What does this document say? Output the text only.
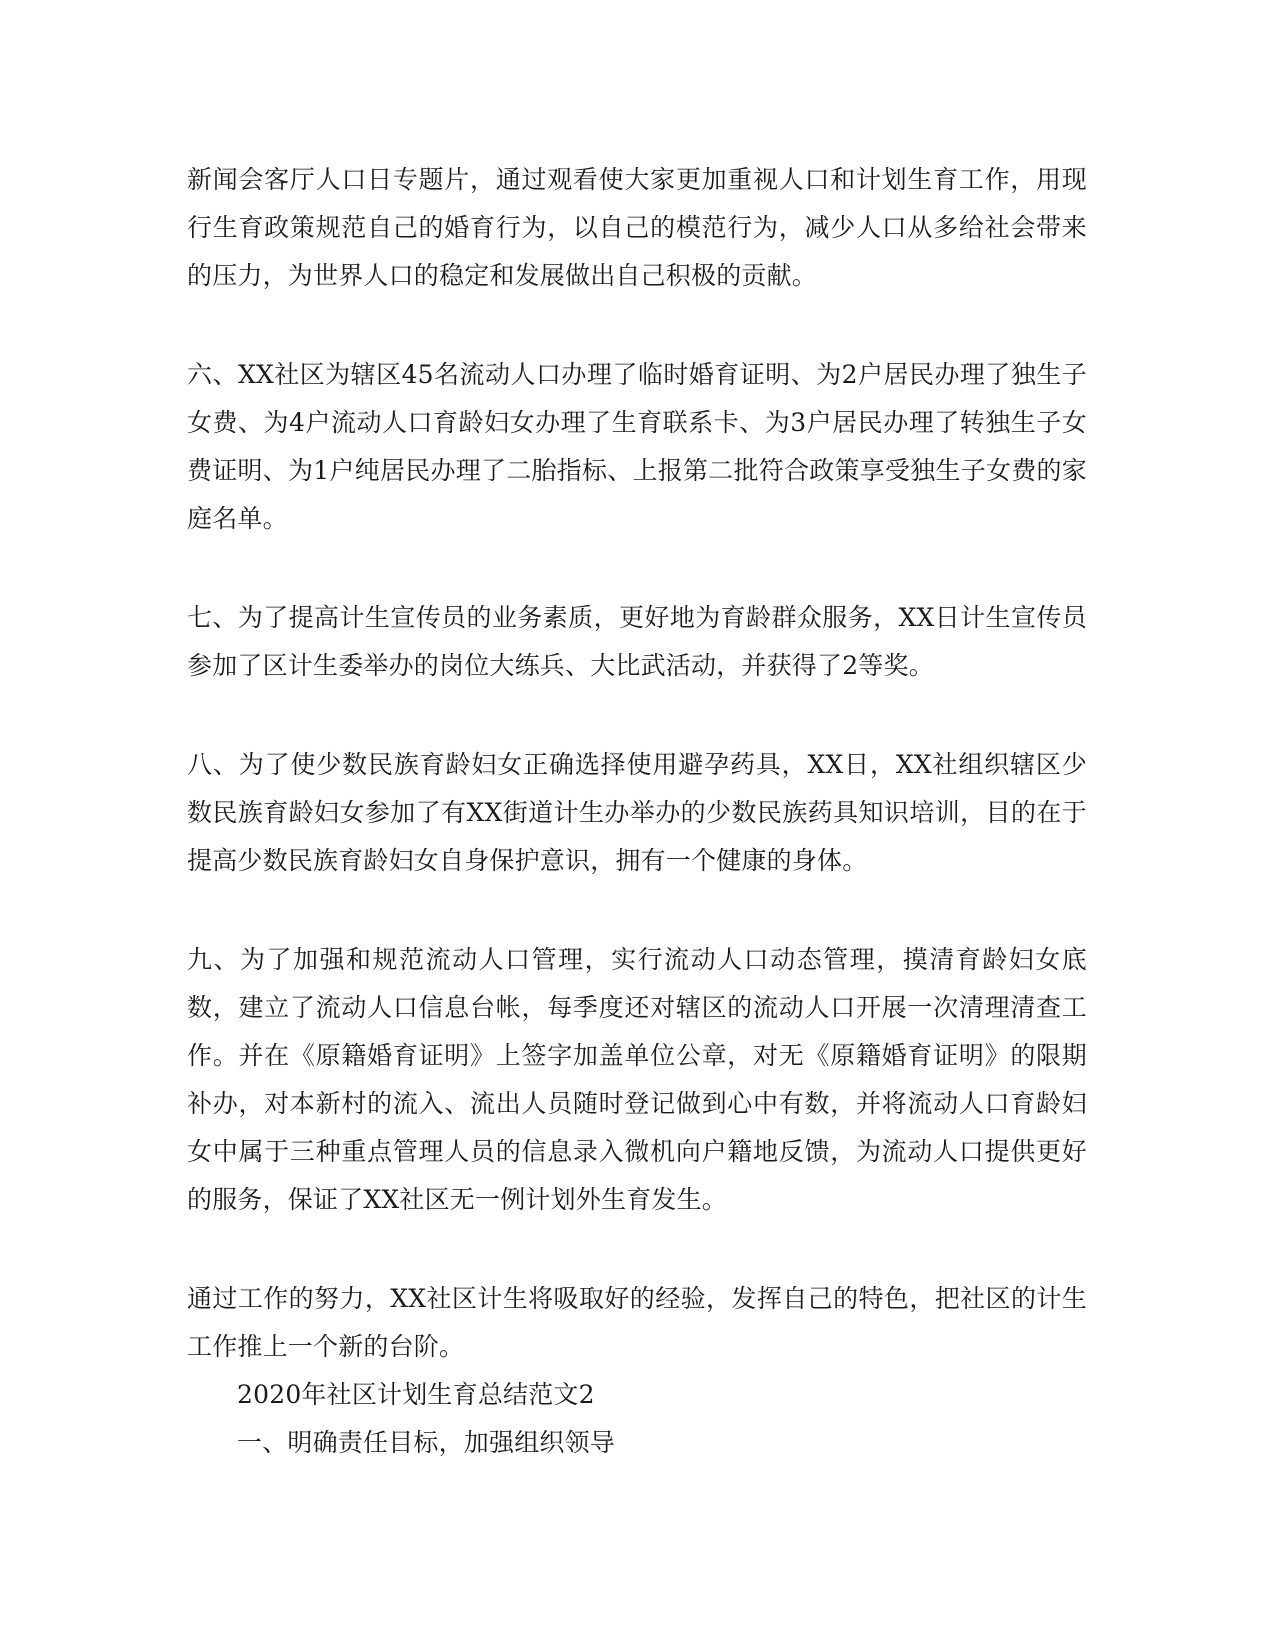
新闻会客厅人口日专题片，通过观看使大家更加重视人口和计划生育工作，用现行生育政策规范自己的婚育行为，以自己的模范行为，减少人口从多给社会带来的压力，为世界人口的稳定和发展做出自己积极的贡献。

六、XX社区为辖区45名流动人口办理了临时婚育证明、为2户居民办理了独生子女费、为4户流动人口育龄妇女办理了生育联系卡、为3户居民办理了转独生子女费证明、为1户纯居民办理了二胎指标、上报第二批符合政策享受独生子女费的家庭名单。

七、为了提高计生宣传员的业务素质，更好地为育龄群众服务，XX日计生宣传员参加了区计生委举办的岗位大练兵、大比武活动，并获得了2等奖。

八、为了使少数民族育龄妇女正确选择使用避孕药具，XX日，XX社组织辖区少数民族育龄妇女参加了有XX街道计生办举办的少数民族药具知识培训，目的在于提高少数民族育龄妇女自身保护意识，拥有一个健康的身体。

九、为了加强和规范流动人口管理，实行流动人口动态管理，摸清育龄妇女底数，建立了流动人口信息台帐，每季度还对辖区的流动人口开展一次清理清查工作。并在《原籍婚育证明》上签字加盖单位公章，对无《原籍婚育证明》的限期补办，对本新村的流入、流出人员随时登记做到心中有数，并将流动人口育龄妇女中属于三种重点管理人员的信息录入微机向户籍地反馈，为流动人口提供更好的服务，保证了XX社区无一例计划外生育发生。

通过工作的努力，XX社区计生将吸取好的经验，发挥自己的特色，把社区的计生工作推上一个新的台阶。

2020年社区计划生育总结范文2

一、明确责任目标，加强组织领导
